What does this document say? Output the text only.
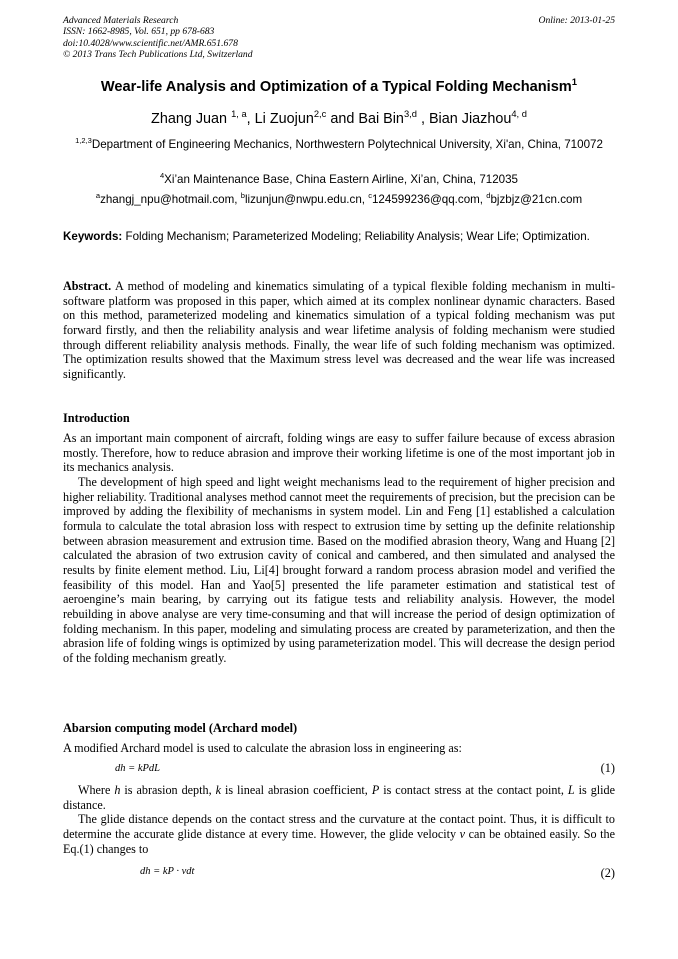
Advanced Materials Research
ISSN: 1662-8985, Vol. 651, pp 678-683
doi:10.4028/www.scientific.net/AMR.651.678
© 2013 Trans Tech Publications Ltd, Switzerland
Online: 2013-01-25
Wear-life Analysis and Optimization of a Typical Folding Mechanism$^1$
Zhang Juan $^{1, a}$, Li Zuojun$^{2,c}$ and Bai Bin$^{3,d}$ , Bian Jiazhou$^{4, d}$
$^{1,2,3}$Department of Engineering Mechanics, Northwestern Polytechnical University, Xi'an, China, 710072
$^4$Xi’an Maintenance Base, China Eastern Airline, Xi’an, China, 712035
$^a$zhangj_npu@hotmail.com, $^b$lizunjun@nwpu.edu.cn, $^c$124599236@qq.com, $^d$bjzbjz@21cn.com
Keywords: Folding Mechanism; Parameterized Modeling; Reliability Analysis; Wear Life; Optimization.
Abstract. A method of modeling and kinematics simulating of a typical flexible folding mechanism in multi-software platform was proposed in this paper, which aimed at its complex nonlinear dynamic characters. Based on this method, parameterized modeling and kinematics simulation of a typical folding mechanism was put forward firstly, and then the reliability analysis and wear lifetime analysis of folding mechanism were studied through different reliability analysis methods. Finally, the wear life of such folding mechanism was optimized. The optimization results showed that the Maximum stress level was decreased and the wear life was increased significantly.
Introduction

As an important main component of aircraft, folding wings are easy to suffer failure because of excess abrasion mostly. Therefore, how to reduce abrasion and improve their working lifetime is one of the most important job in its mechanics analysis.

The development of high speed and light weight mechanisms lead to the requirement of higher precision and higher reliability. Traditional analyses method cannot meet the requirements of precision, but the precision can be improved by adding the flexibility of mechanisms in system model. Lin and Feng [1] established a calculation formula to calculate the total abrasion loss with respect to extrusion time by setting up the definite relationship between abrasion measurement and extrusion time. Based on the modified abrasion theory, Wang and Huang [2] calculated the abrasion of two extrusion cavity of conical and cambered, and then simulated and analysed the results by finite element method. Liu, Li[4] brought forward a random process abrasion model and verified the feasibility of this model. Han and Yao[5] presented the life parameter estimation and statistical test of aeroengine’s main bearing, by carrying out its fatigue tests and reliability analysis. However, the model rebuilding in above analyse are very time-consuming and that will increase the period of design optimization of folding mechanism. In this paper, modeling and simulating process are created by parameterization, and then the abrasion life of folding wings is optimized by using parameterization model. This will decrease the design period of the folding mechanism greatly.

Abarsion computing model (Archard model)

A modified Archard model is used to calculate the abrasion loss in engineering as:

dh = kPdL	(1)

Where h is abrasion depth, k is lineal abrasion coefficient, P is contact stress at the contact point, L is glide distance.

The glide distance depends on the contact stress and the curvature at the contact point. Thus, it is difficult to determine the accurate glide distance at every time. However, the glide velocity v can be obtained easily. So the Eq.(1) changes to

dh = kP · vdt	(2)
